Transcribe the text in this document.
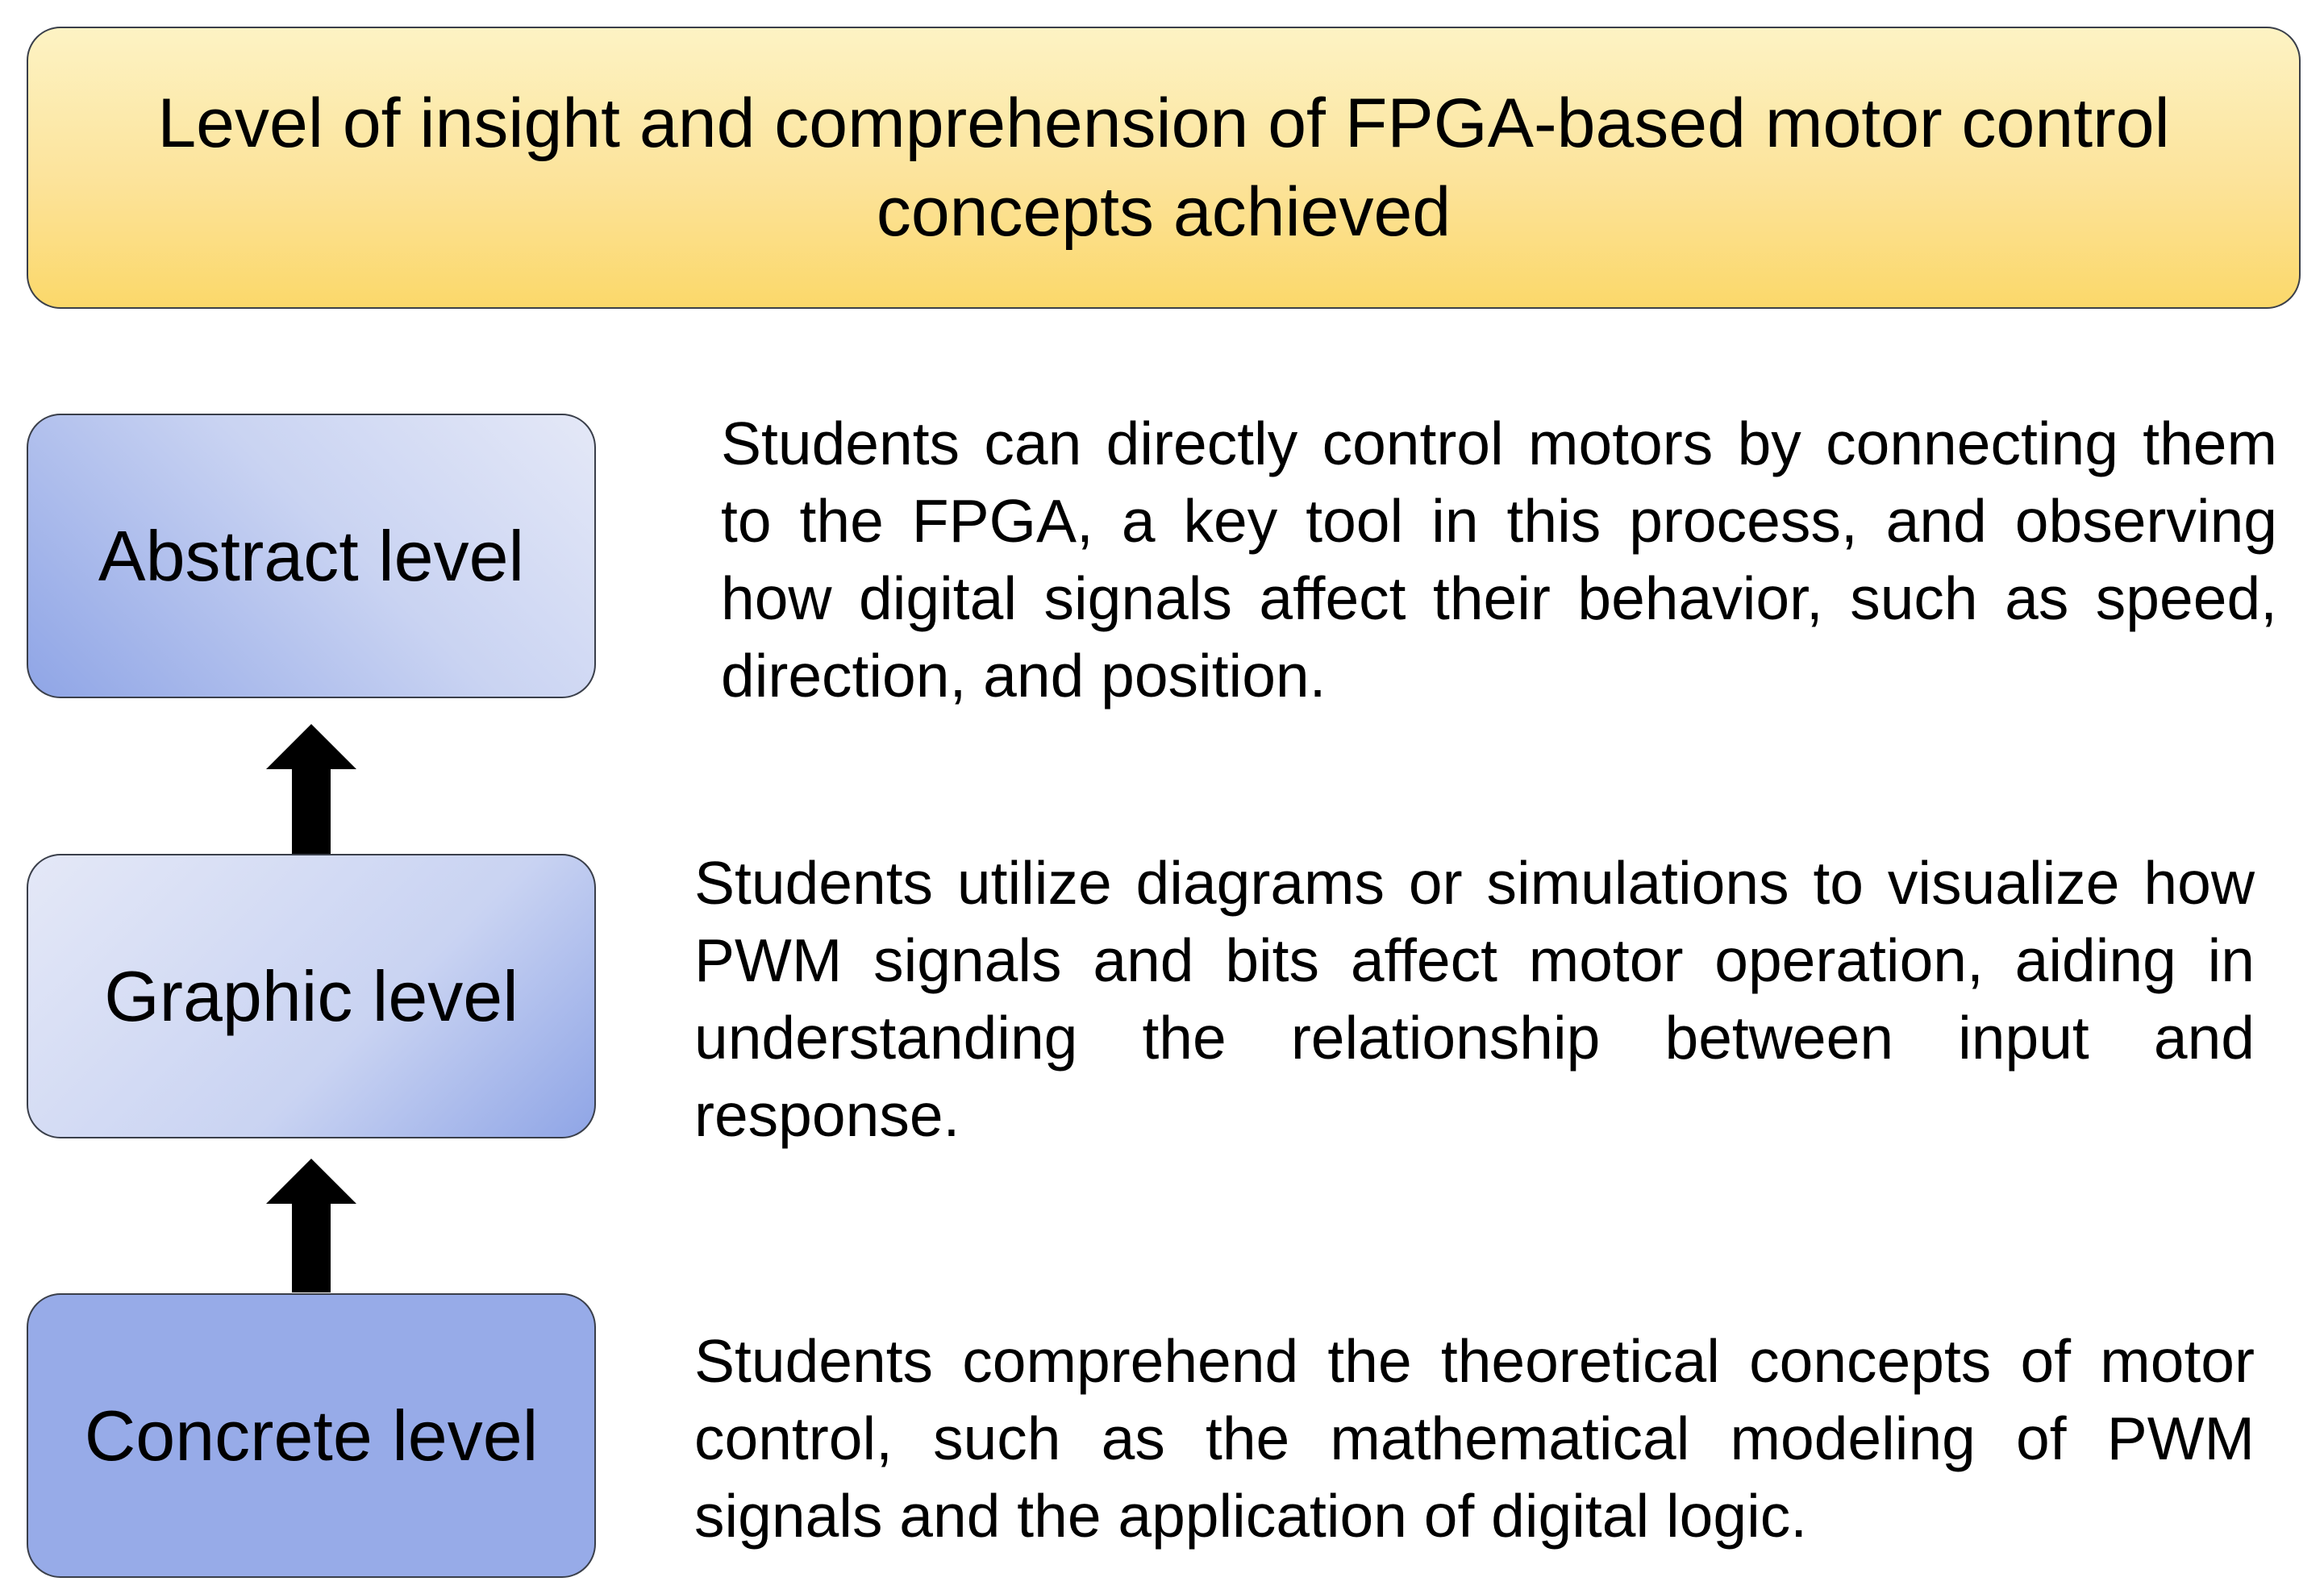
Level of insight and comprehension of FPGA-based motor control concepts achieved

Abstract level

Students can directly control motors by connecting them to the FPGA, a key tool in this process, and observing how digital signals affect their behavior, such as speed, direction, and position.

Graphic level

Students utilize diagrams or simulations to visualize how PWM signals and bits affect motor operation, aiding in understanding the relationship between input and response.

Concrete level

Students comprehend the theoretical concepts of motor control, such as the mathematical modeling of PWM signals and the application of digital logic.
